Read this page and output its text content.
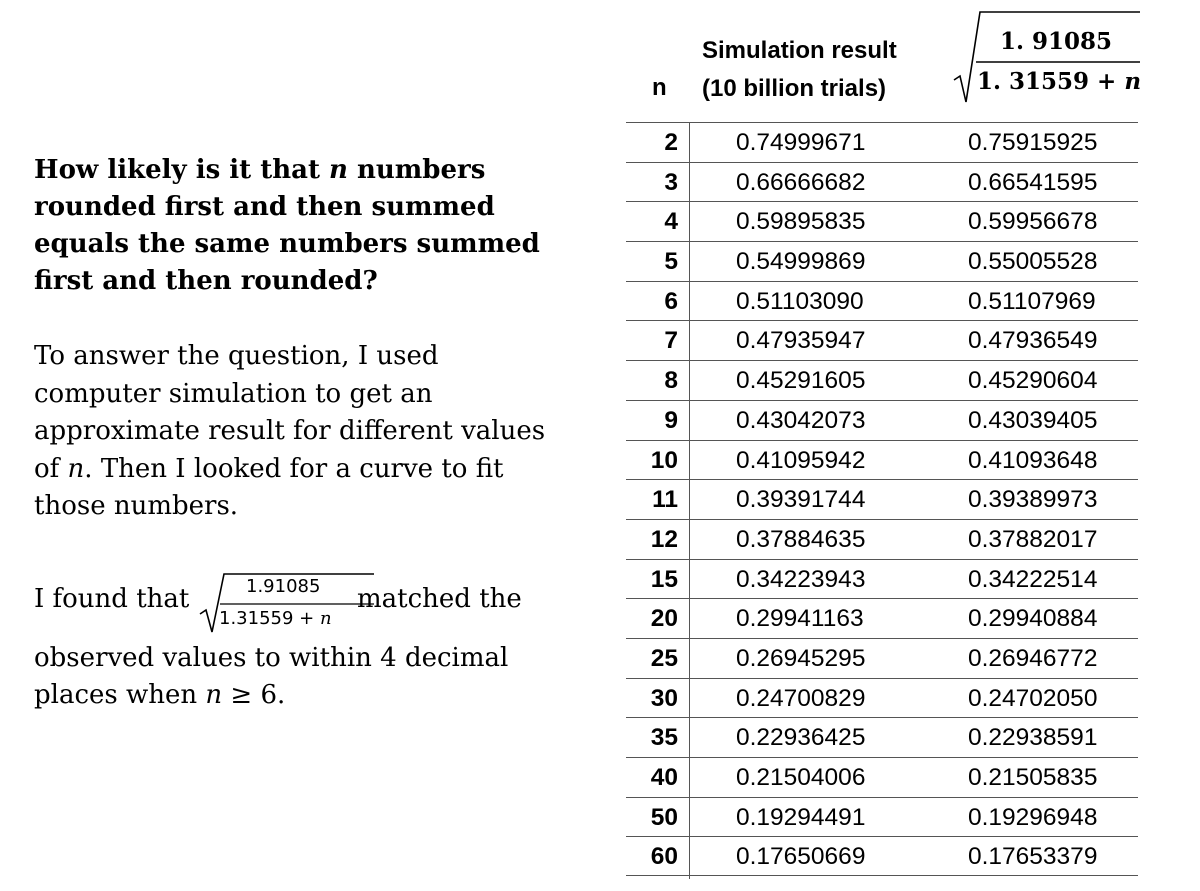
How likely is it that n numbers rounded first and then summed equals the same numbers summed first and then rounded?

To answer the question, I used computer simulation to get an approximate result for different values of n. Then I looked for a curve to fit those numbers.

I found that	1.91085
1.31559 + n
matched the

observed values to within 4 decimal places when n ≥ 6.

n
Simulation result
(10 billion trials)
1. 91085
1. 31559 + n
2 0.74999671	0.75915925
3 0.66666682	0.66541595
4 0.59895835	0.59956678
5 0.54999869	0.55005528
6 0.51103090	0.51107969
7 0.47935947	0.47936549
8 0.45291605	0.45290604
9 0.43042073	0.43039405
10 0.41095942	0.41093648
11 0.39391744	0.39389973
12 0.37884635	0.37882017
15 0.34223943	0.34222514
20 0.29941163	0.29940884
25 0.26945295	0.26946772
30 0.24700829	0.24702050
35 0.22936425	0.22938591
40 0.21504006	0.21505835
50 0.19294491	0.19296948
60 0.17650669	0.17653379
